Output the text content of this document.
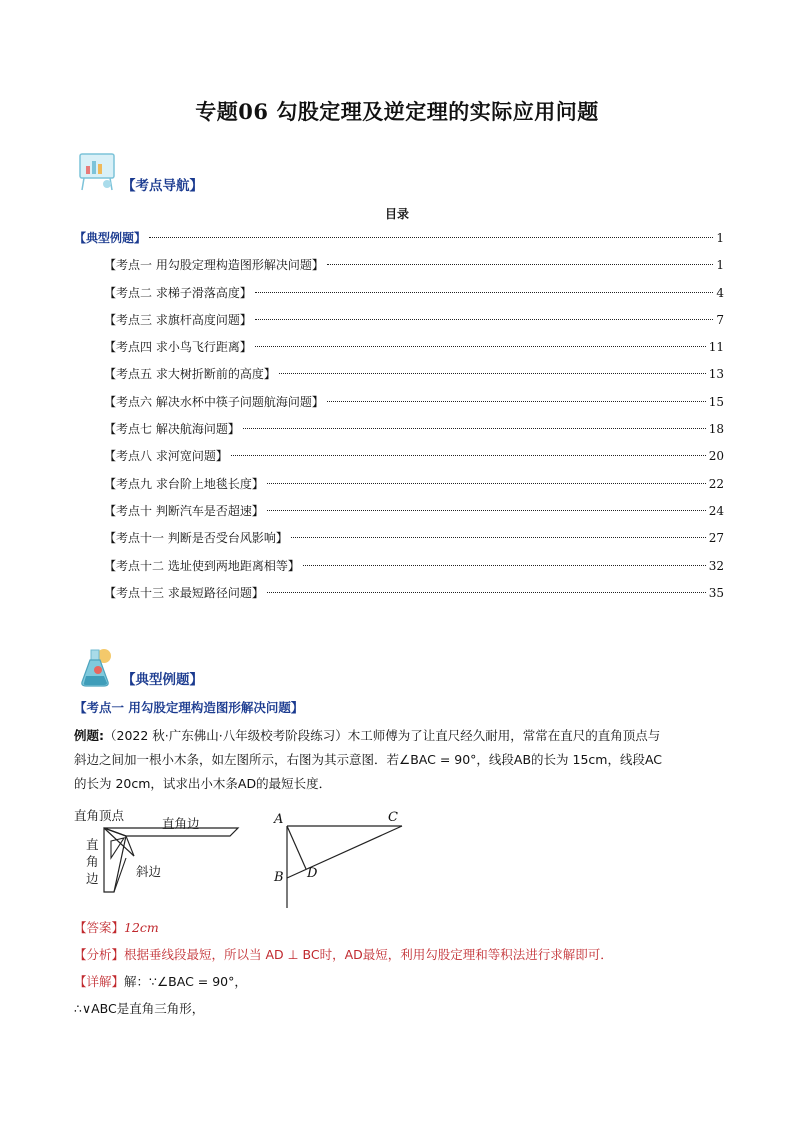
专题06 勾股定理及逆定理的实际应用问题
【考点导航】
目录
【典型例题】	1
【考点一 用勾股定理构造图形解决问题】	1
【考点二 求梯子滑落高度】	4
【考点三 求旗杆高度问题】	7
【考点四 求小鸟飞行距离】	11
【考点五 求大树折断前的高度】	13
【考点六 解决水杯中筷子问题航海问题】	15
【考点七 解决航海问题】	18
【考点八 求河宽问题】	20
【考点九 求台阶上地毯长度】	22
【考点十 判断汽车是否超速】	24
【考点十一 判断是否受台风影响】	27
【考点十二 选址使到两地距离相等】	32
【考点十三 求最短路径问题】	35
【典型例题】
【考点一 用勾股定理构造图形解决问题】
例题:（2022 秋·广东佛山·八年级校考阶段练习）木工师傅为了让直尺经久耐用，常常在直尺的直角顶点与
斜边之间加一根小木条，如左图所示，右图为其示意图．若∠BAC = 90°，线段AB的长为 15cm，线段AC
的长为 20cm，试求出小木条AD的最短长度．
直角顶点
直角边
直
角
边	斜边
A	C
B D
【答案】12cm
【分析】根据垂线段最短，所以当 AD ⊥ BC时，AD最短，利用勾股定理和等积法进行求解即可．
【详解】解：∵∠BAC = 90°，
∴∨ABC是直角三角形，
